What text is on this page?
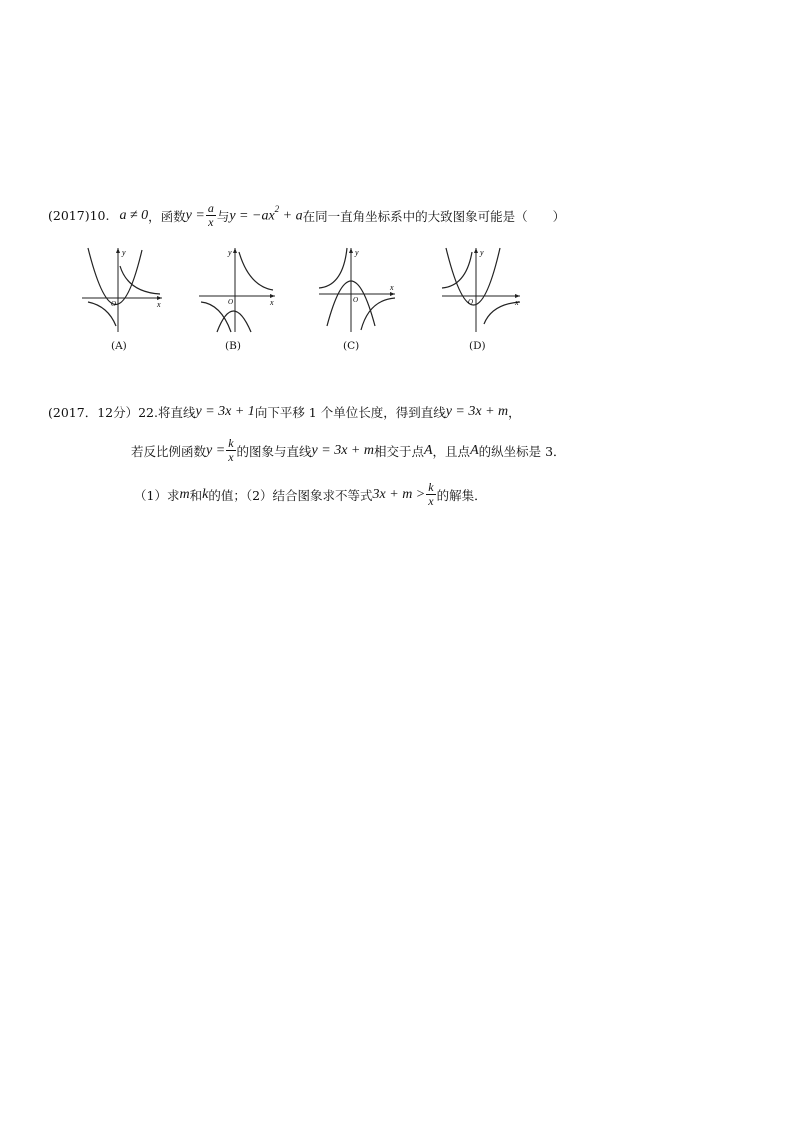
(2017)10. a ≠ 0 ，函数 $y = \frac{a}{x}$ 与 $y = -ax^2 + a$ 在同一直角坐标系中的大致图象可能是（　　）
y
x
O
(A)
y
x
O
(B)
y
x
O
(C)
y
x
O
(D)
(2017．12分）22.将直线 y = 3x + 1 向下平移 1 个单位长度，得到直线 y = 3x + m ，
若反比例函数 $y = \frac{k}{x}$ 的图象与直线 y = 3x + m 相交于点 A ，且点 A 的纵坐标是 3．
（1）求 m 和 k 的值；（2）结合图象求不等式 $3x + m > \frac{k}{x}$ 的解集．
